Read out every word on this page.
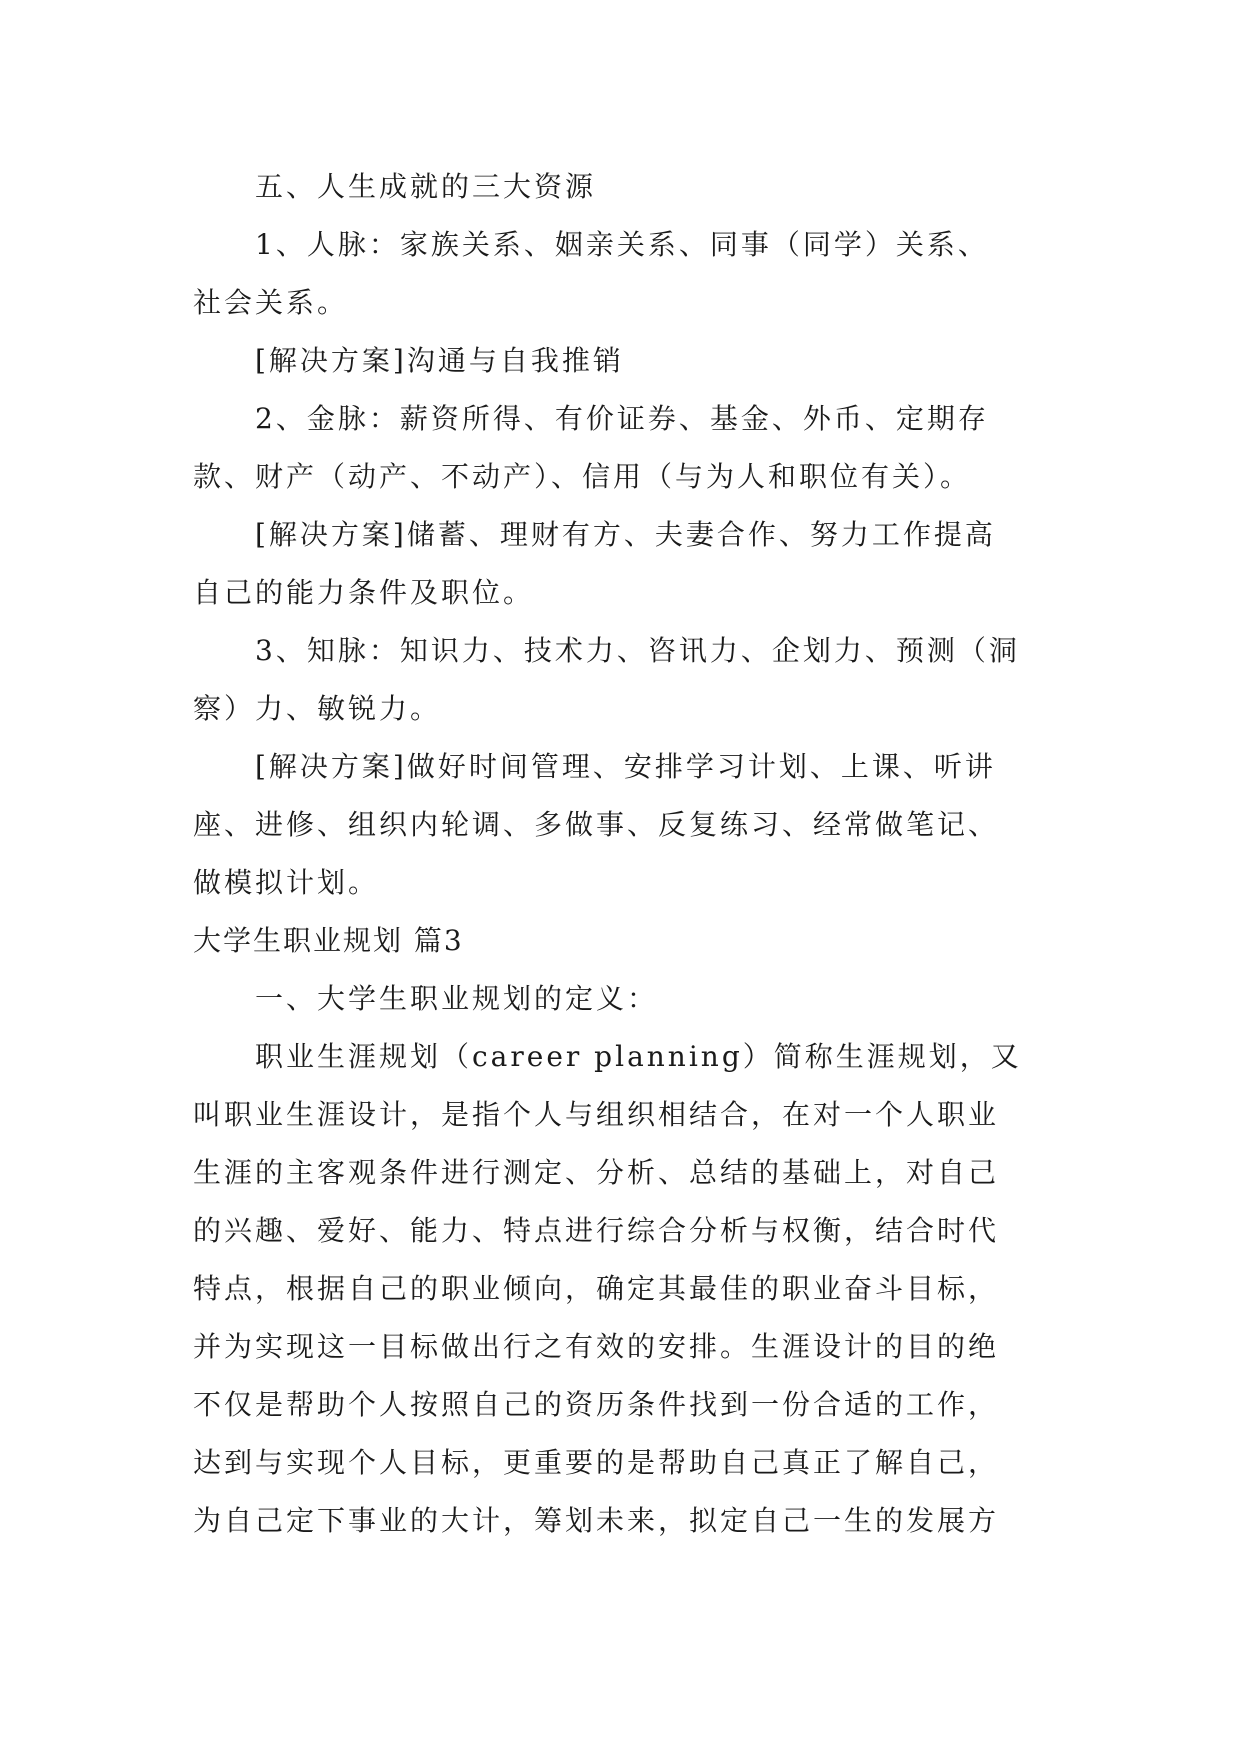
五、人生成就的三大资源
1、人脉：家族关系、姻亲关系、同事（同学）关系、
社会关系。
[解决方案]沟通与自我推销
2、金脉：薪资所得、有价证券、基金、外币、定期存
款、财产（动产、不动产）、信用（与为人和职位有关）。
[解决方案]储蓄、理财有方、夫妻合作、努力工作提高
自己的能力条件及职位。
3、知脉：知识力、技术力、咨讯力、企划力、预测（洞
察）力、敏锐力。
[解决方案]做好时间管理、安排学习计划、上课、听讲
座、进修、组织内轮调、多做事、反复练习、经常做笔记、
做模拟计划。
大学生职业规划 篇3
一、大学生职业规划的定义：
职业生涯规划（career planning）简称生涯规划，又
叫职业生涯设计，是指个人与组织相结合，在对一个人职业
生涯的主客观条件进行测定、分析、总结的基础上，对自己
的兴趣、爱好、能力、特点进行综合分析与权衡，结合时代
特点，根据自己的职业倾向，确定其最佳的职业奋斗目标，
并为实现这一目标做出行之有效的安排。生涯设计的目的绝
不仅是帮助个人按照自己的资历条件找到一份合适的工作，
达到与实现个人目标，更重要的是帮助自己真正了解自己，
为自己定下事业的大计，筹划未来，拟定自己一生的发展方
